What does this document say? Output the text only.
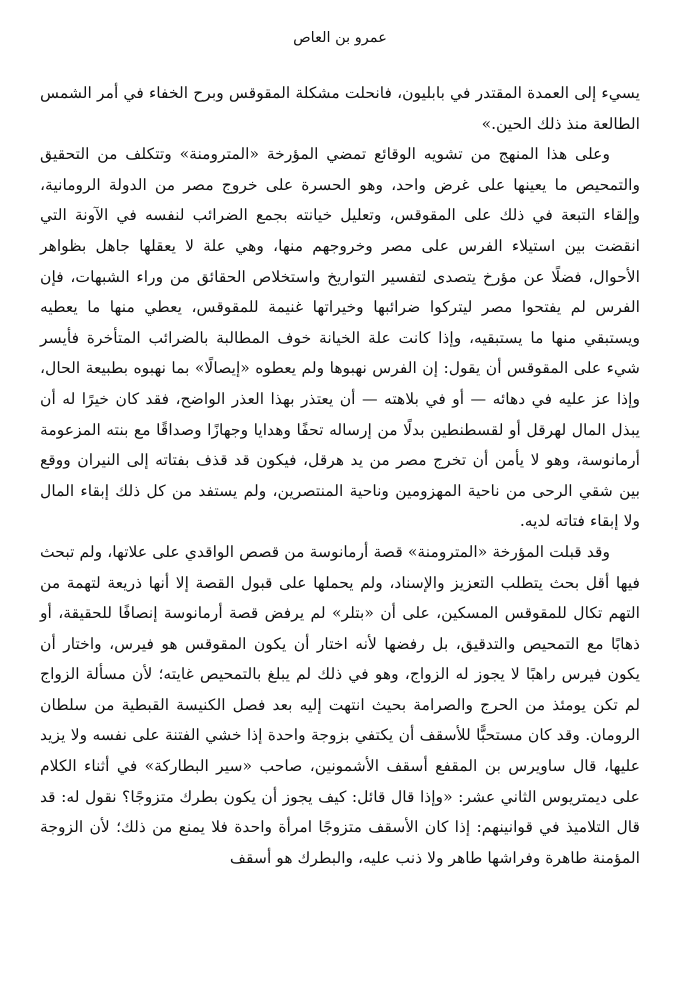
عمرو بن العاص

يسيء إلى العمدة المقتدر في بابليون، فانحلت مشكلة المقوقس وبرح الخفاء في أمر الشمس الطالعة منذ ذلك الحين.»

وعلى هذا المنهج من تشويه الوقائع تمضي المؤرخة «المترومنة» وتتكلف من التحقيق والتمحيص ما يعينها على غرض واحد، وهو الحسرة على خروج مصر من الدولة الرومانية، وإلقاء التبعة في ذلك على المقوقس، وتعليل خيانته بجمع الضرائب لنفسه في الآونة التي انقضت بين استيلاء الفرس على مصر وخروجهم منها، وهي علة لا يعقلها جاهل بظواهر الأحوال، فضلًا عن مؤرخ يتصدى لتفسير التواريخ واستخلاص الحقائق من وراء الشبهات، فإن الفرس لم يفتحوا مصر ليتركوا ضرائبها وخيراتها غنيمة للمقوقس، يعطي منها ما يعطيه ويستبقي منها ما يستبقيه، وإذا كانت علة الخيانة خوف المطالبة بالضرائب المتأخرة فأيسر شيء على المقوقس أن يقول: إن الفرس نهبوها ولم يعطوه «إيصالًا» بما نهبوه بطبيعة الحال، وإذا عز عليه في دهائه — أو في بلاهته — أن يعتذر بهذا العذر الواضح، فقد كان خيرًا له أن يبذل المال لهرقل أو لقسطنطين بدلًا من إرساله تحفًا وهدايا وجهازًا وصداقًا مع بنته المزعومة أرمانوسة، وهو لا يأمن أن تخرج مصر من يد هرقل، فيكون قد قذف بفتاته إلى النيران ووقع بين شقي الرحى من ناحية المهزومين وناحية المنتصرين، ولم يستفد من كل ذلك إبقاء المال ولا إبقاء فتاته لديه.

وقد قبلت المؤرخة «المترومنة» قصة أرمانوسة من قصص الواقدي على علاتها، ولم تبحث فيها أقل بحث يتطلب التعزيز والإسناد، ولم يحملها على قبول القصة إلا أنها ذريعة لتهمة من التهم تكال للمقوقس المسكين، على أن «بتلر» لم يرفض قصة أرمانوسة إنصافًا للحقيقة، أو ذهابًا مع التمحيص والتدقيق، بل رفضها لأنه اختار أن يكون المقوقس هو فيرس، واختار أن يكون فيرس راهبًا لا يجوز له الزواج، وهو في ذلك لم يبلغ بالتمحيص غايته؛ لأن مسألة الزواج لم تكن يومئذ من الحرج والصرامة بحيث انتهت إليه بعد فصل الكنيسة القبطية من سلطان الرومان. وقد كان مستحبًّا للأسقف أن يكتفي بزوجة واحدة إذا خشي الفتنة على نفسه ولا يزيد عليها، قال ساويرس بن المقفع أسقف الأشمونين، صاحب «سير البطاركة» في أثناء الكلام على ديمتريوس الثاني عشر: «وإذا قال قائل: كيف يجوز أن يكون بطرك متزوجًا؟ نقول له: قد قال التلاميذ في قوانينهم: إذا كان الأسقف متزوجًا امرأة واحدة فلا يمنع من ذلك؛ لأن الزوجة المؤمنة طاهرة وفراشها طاهر ولا ذنب عليه، والبطرك هو أسقف
